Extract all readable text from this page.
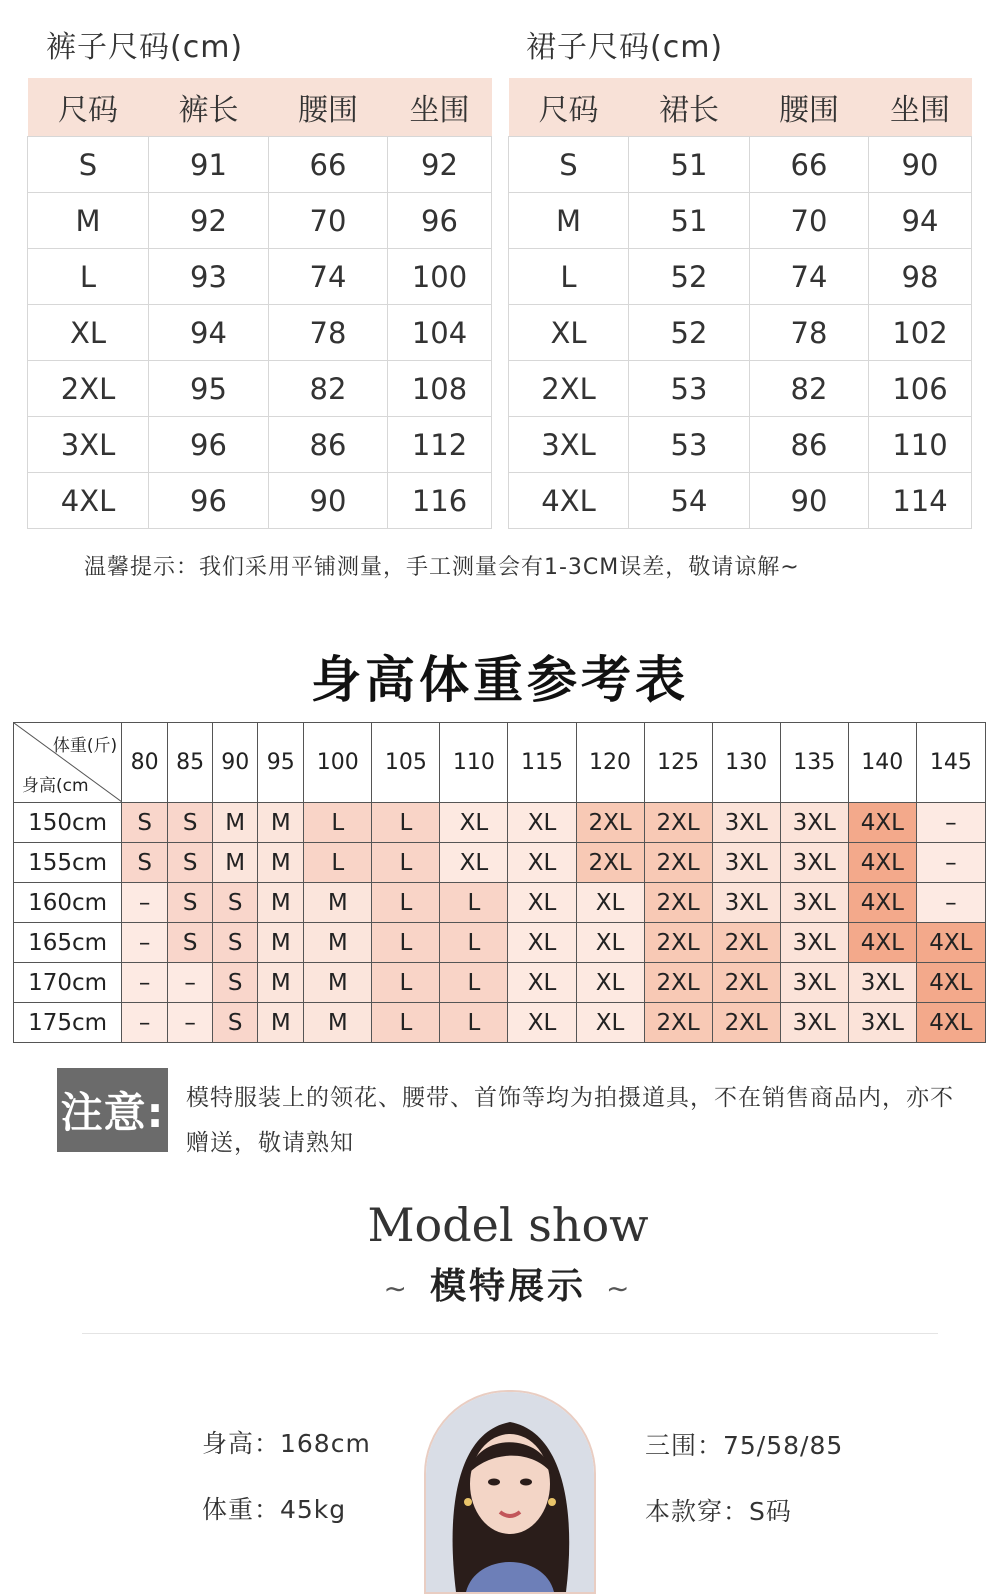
裤子尺码(cm)
尺码	裤长	腰围	坐围
S	91	66	92
M	92	70	96
L	93	74	100
XL	94	78	104
2XL	95	82	108
3XL	96	86	112
4XL	96	90	116
裙子尺码(cm)
尺码	裙长	腰围	坐围
S	51	66	90
M	51	70	94
L	52	74	98
XL	52	78	102
2XL	53	82	106
3XL	53	86	110
4XL	54	90	114
温馨提示：我们采用平铺测量，手工测量会有1-3CM误差，敬请谅解~
身高体重参考表
体重(斤)
身高(cm	80	85	90	95	100	105	110	115	120	125	130	135	140	145
150cm	S	S	M	M	L	L	XL	XL	2XL	2XL	3XL	3XL	4XL	–
155cm	S	S	M	M	L	L	XL	XL	2XL	2XL	3XL	3XL	4XL	–
160cm	–	S	S	M	M	L	L	XL	XL	2XL	3XL	3XL	4XL	–
165cm	–	S	S	M	M	L	L	XL	XL	2XL	2XL	3XL	4XL	4XL
170cm	–	–	S	M	M	L	L	XL	XL	2XL	2XL	3XL	3XL	4XL
175cm	–	–	S	M	M	L	L	XL	XL	2XL	2XL	3XL	3XL	4XL
注意: 模特服装上的领花、腰带、首饰等均为拍摄道具，不在销售商品内，亦不赠送，敬请熟知
Model show
∼ 模特展示 ∼
身高：168cm
体重：45kg
三围：75/58/85
本款穿：S码
